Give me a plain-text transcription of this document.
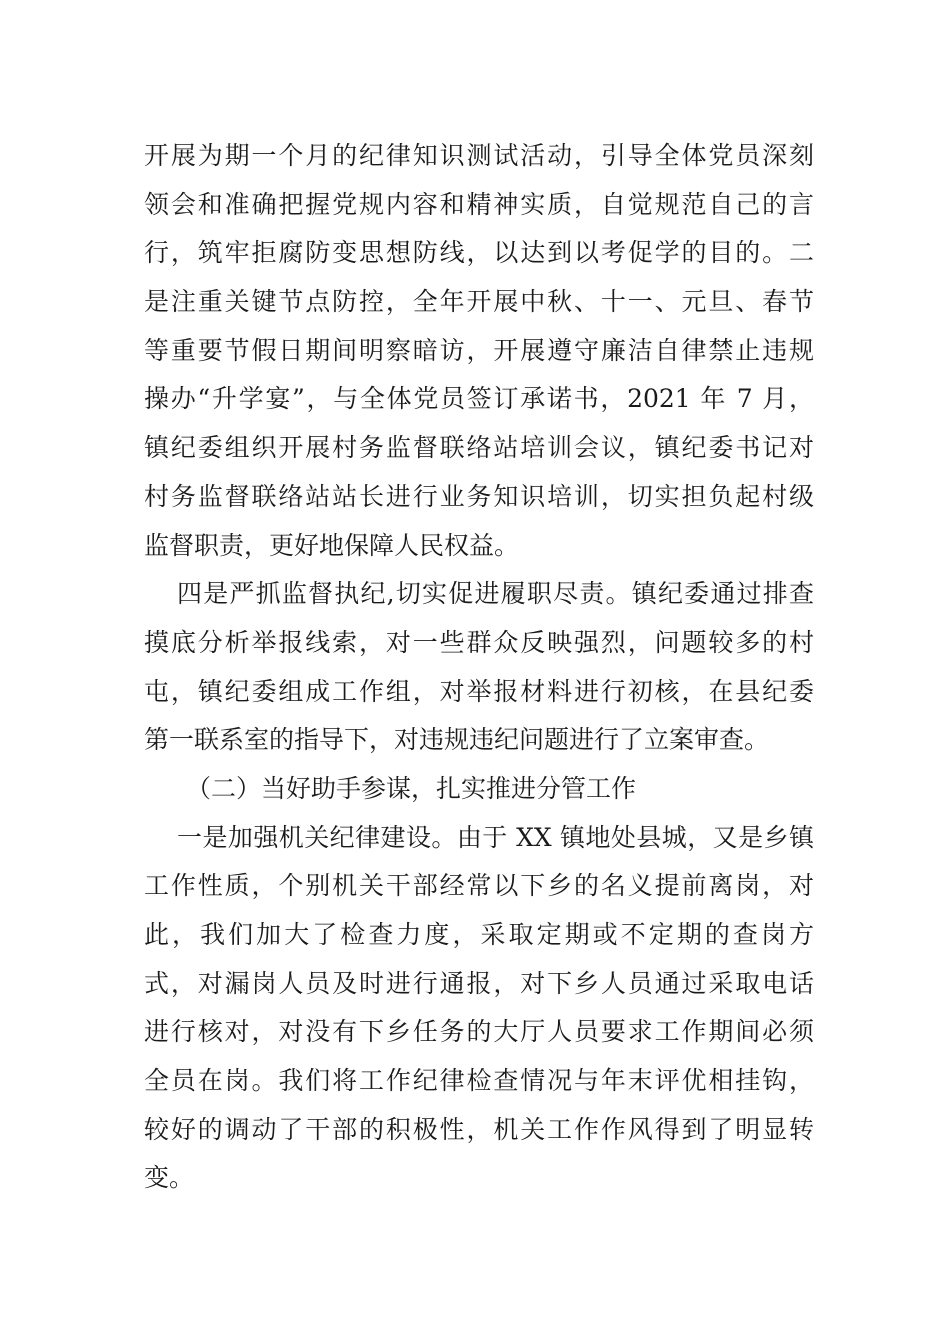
开展为期一个月的纪律知识测试活动，引导全体党员深刻
领会和准确把握党规内容和精神实质，自觉规范自己的言
行，筑牢拒腐防变思想防线，以达到以考促学的目的。二
是注重关键节点防控，全年开展中秋、十一、元旦、春节
等重要节假日期间明察暗访，开展遵守廉洁自律禁止违规
操办“升学宴”，与全体党员签订承诺书，2021 年 7 月，
镇纪委组织开展村务监督联络站培训会议，镇纪委书记对
村务监督联络站站长进行业务知识培训，切实担负起村级
监督职责，更好地保障人民权益。
四是严抓监督执纪,切实促进履职尽责。镇纪委通过排查
摸底分析举报线索，对一些群众反映强烈，问题较多的村
屯，镇纪委组成工作组，对举报材料进行初核，在县纪委
第一联系室的指导下，对违规违纪问题进行了立案审查。
（二）当好助手参谋，扎实推进分管工作
一是加强机关纪律建设。由于 XX 镇地处县城，又是乡镇
工作性质，个别机关干部经常以下乡的名义提前离岗，对
此，我们加大了检查力度，采取定期或不定期的查岗方
式，对漏岗人员及时进行通报，对下乡人员通过采取电话
进行核对，对没有下乡任务的大厅人员要求工作期间必须
全员在岗。我们将工作纪律检查情况与年末评优相挂钩，
较好的调动了干部的积极性，机关工作作风得到了明显转
变。
